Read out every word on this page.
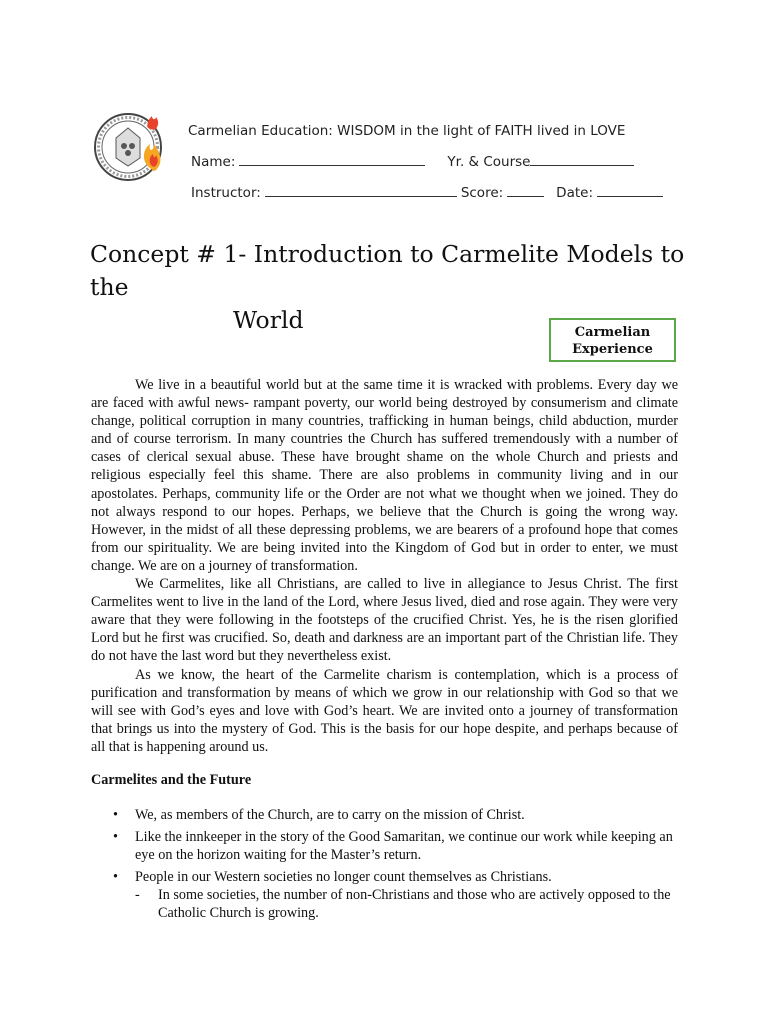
Carmelian Education: WISDOM in the light of FAITH lived in LOVE
Name:	Yr. & Course
Instructor:	Score:	Date:
Concept # 1- Introduction to Carmelite Models to the
World	Carmelian
Experience

We live in a beautiful world but at the same time it is wracked with problems. Every day we are faced with awful news- rampant poverty, our world being destroyed by consumerism and climate change, political corruption in many countries, trafficking in human beings, child abduction, murder and of course terrorism. In many countries the Church has suffered tremendously with a number of cases of clerical sexual abuse. These have brought shame on the whole Church and priests and religious especially feel this shame. There are also problems in community living and in our apostolates. Perhaps, community life or the Order are not what we thought when we joined. They do not always respond to our hopes. Perhaps, we believe that the Church is going the wrong way. However, in the midst of all these depressing problems, we are bearers of a profound hope that comes from our spirituality. We are being invited into the Kingdom of God but in order to enter, we must change. We are on a journey of transformation.

We Carmelites, like all Christians, are called to live in allegiance to Jesus Christ. The first Carmelites went to live in the land of the Lord, where Jesus lived, died and rose again. They were very aware that they were following in the footsteps of the crucified Christ. Yes, he is the risen glorified Lord but he first was crucified. So, death and darkness are an important part of the Christian life. They do not have the last word but they nevertheless exist.

As we know, the heart of the Carmelite charism is contemplation, which is a process of purification and transformation by means of which we grow in our relationship with God so that we will see with God’s eyes and love with God’s heart. We are invited onto a journey of transformation that brings us into the mystery of God. This is the basis for our hope despite, and perhaps because of all that is happening around us.

Carmelites and the Future
• We, as members of the Church, are to carry on the mission of Christ.
• Like the innkeeper in the story of the Good Samaritan, we continue our work while keeping an eye on the horizon waiting for the Master’s return.
• People in our Western societies no longer count themselves as Christians.
- In some societies, the number of non-Christians and those who are actively opposed to the Catholic Church is growing.
